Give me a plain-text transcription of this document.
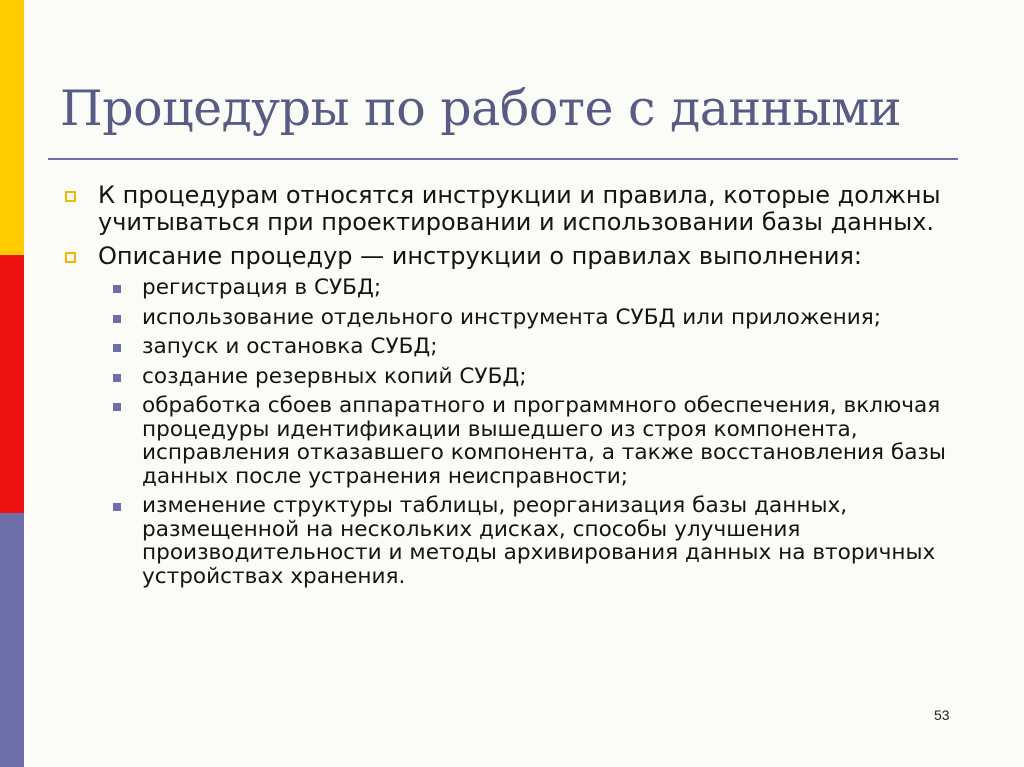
Процедуры по работе с данными
К процедурам относятся инструкции и правила, которые должны учитываться при проектировании и использовании базы данных.
Описание процедур — инструкции о правилах выполнения:
регистрация в СУБД;
использование отдельного инструмента СУБД или приложения;
запуск и остановка СУБД;
создание резервных копий СУБД;
обработка сбоев аппаратного и программного обеспечения, включая процедуры идентификации вышедшего из строя компонента, исправления отказавшего компонента, а также восстановления базы данных после устранения неисправности;
изменение структуры таблицы, реорганизация базы данных, размещенной на нескольких дисках, способы улучшения производительности и методы архивирования данных на вторичных устройствах хранения.
53
